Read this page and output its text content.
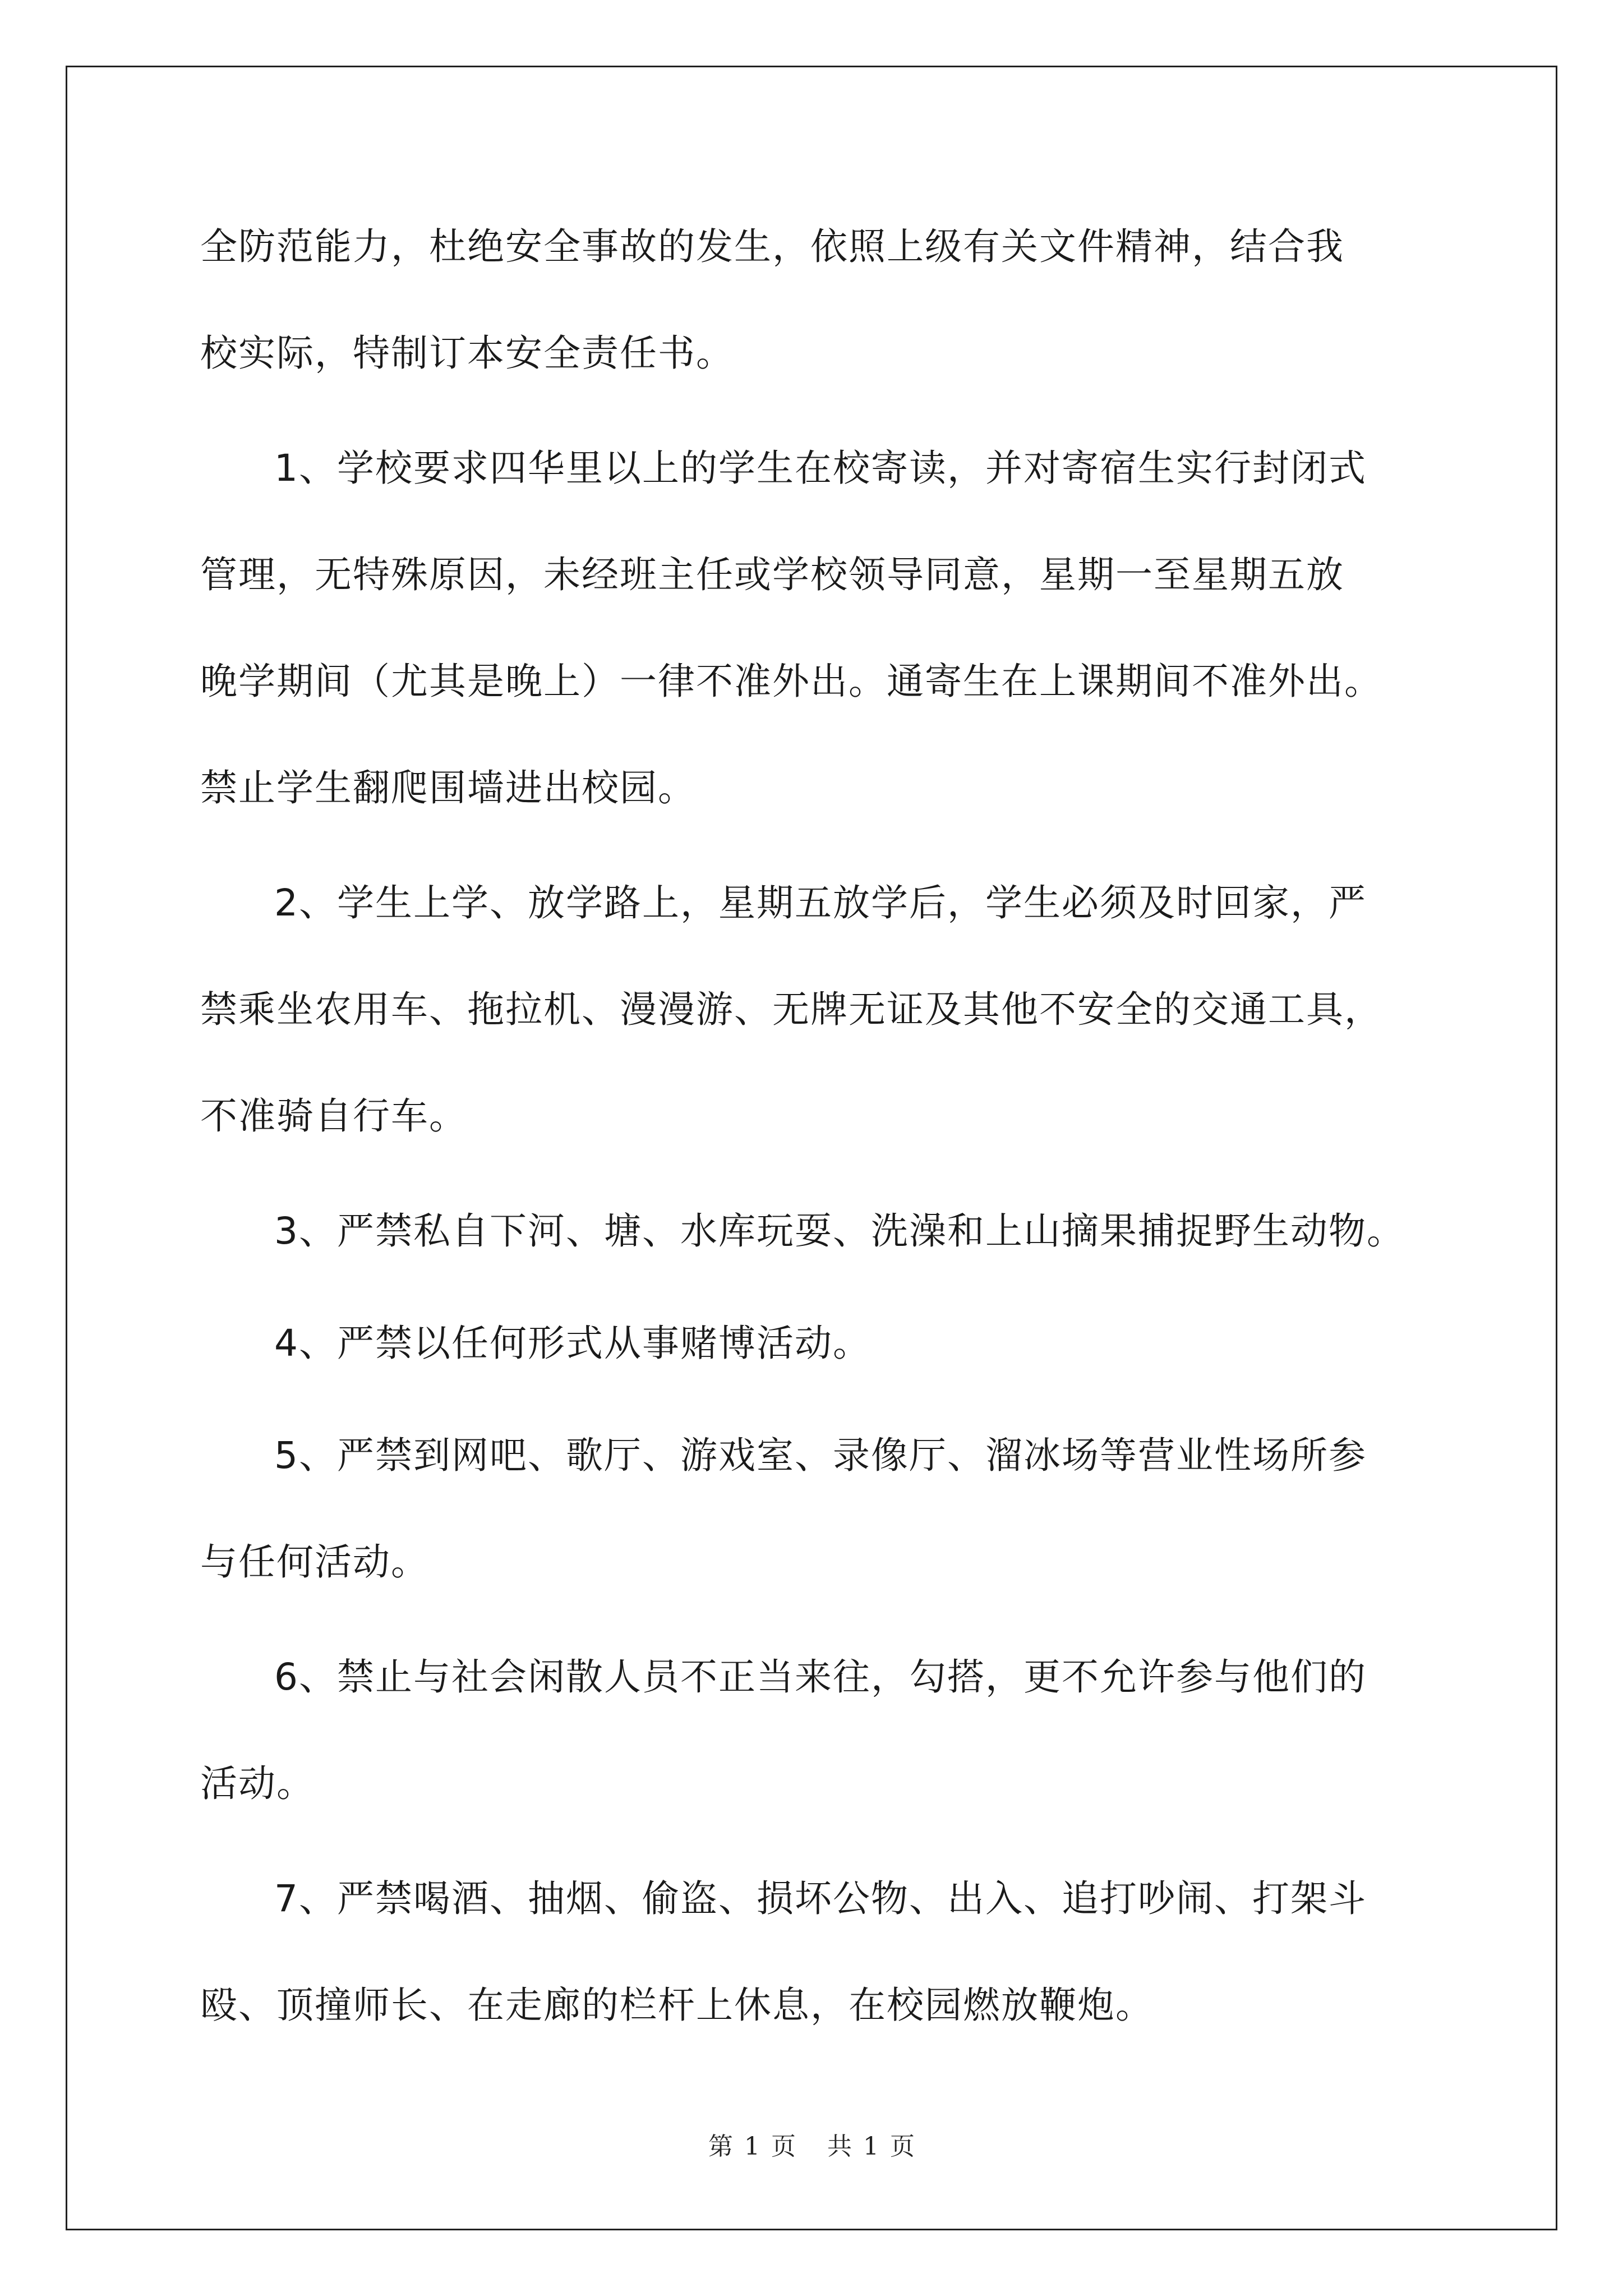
全防范能力，杜绝安全事故的发生，依照上级有关文件精神，结合我
校实际，特制订本安全责任书。
1、学校要求四华里以上的学生在校寄读，并对寄宿生实行封闭式
管理，无特殊原因，未经班主任或学校领导同意，星期一至星期五放
晚学期间（尤其是晚上）一律不准外出。通寄生在上课期间不准外出。
禁止学生翻爬围墙进出校园。
2、学生上学、放学路上，星期五放学后，学生必须及时回家，严
禁乘坐农用车、拖拉机、漫漫游、无牌无证及其他不安全的交通工具，
不准骑自行车。
3、严禁私自下河、塘、水库玩耍、洗澡和上山摘果捕捉野生动物。
4、严禁以任何形式从事赌博活动。
5、严禁到网吧、歌厅、游戏室、录像厅、溜冰场等营业性场所参
与任何活动。
6、禁止与社会闲散人员不正当来往，勾搭，更不允许参与他们的
活动。
7、严禁喝酒、抽烟、偷盗、损坏公物、出入、追打吵闹、打架斗
殴、顶撞师长、在走廊的栏杆上休息，在校园燃放鞭炮。
第 1 页 共 1 页
